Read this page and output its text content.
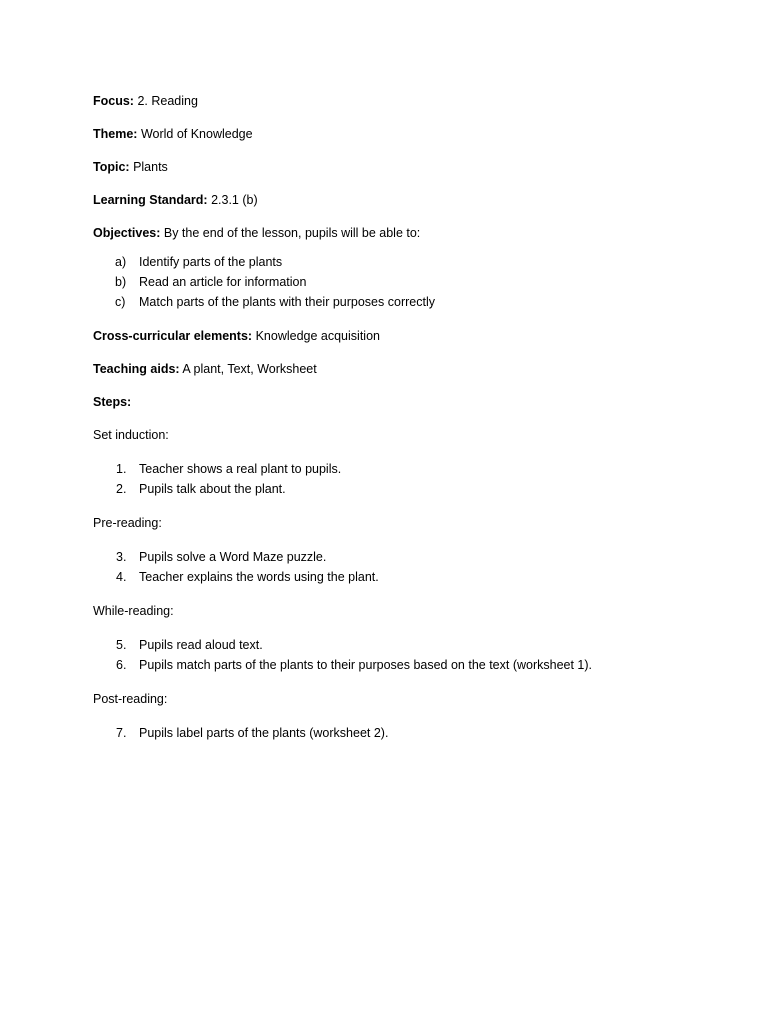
Focus: 2. Reading
Theme: World of Knowledge
Topic: Plants
Learning Standard: 2.3.1 (b)
Objectives: By the end of the lesson, pupils will be able to:
a) Identify parts of the plants
b) Read an article for information
c) Match parts of the plants with their purposes correctly
Cross-curricular elements: Knowledge acquisition
Teaching aids: A plant, Text, Worksheet
Steps:
Set induction:
1. Teacher shows a real plant to pupils.
2. Pupils talk about the plant.
Pre-reading:
3. Pupils solve a Word Maze puzzle.
4. Teacher explains the words using the plant.
While-reading:
5. Pupils read aloud text.
6. Pupils match parts of the plants to their purposes based on the text (worksheet 1).
Post-reading:
7. Pupils label parts of the plants (worksheet 2).
